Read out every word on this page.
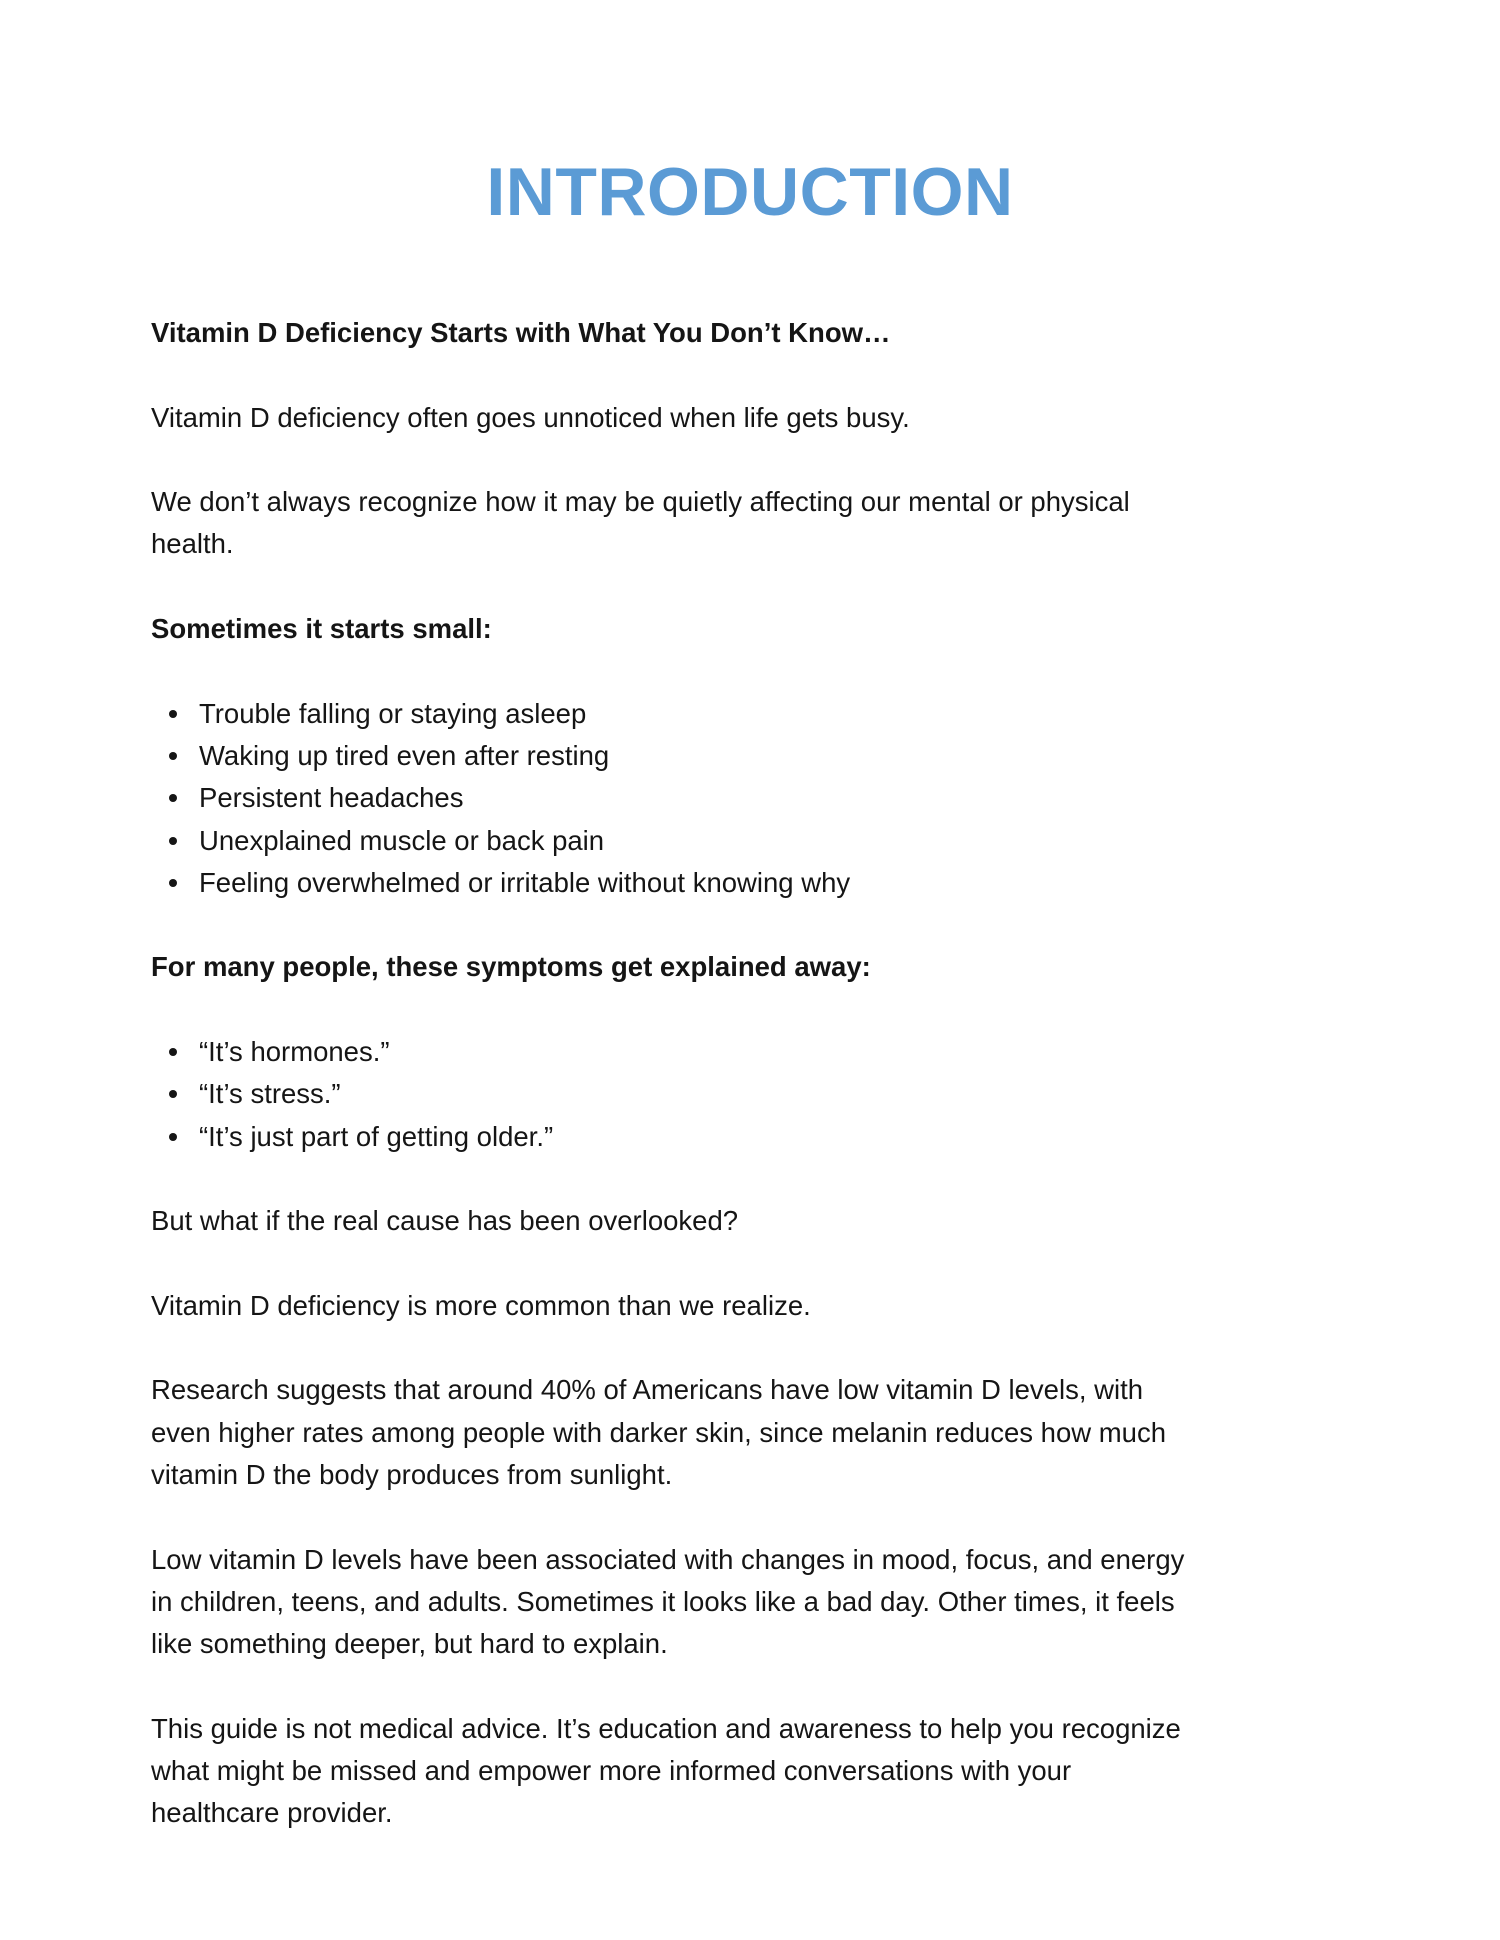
INTRODUCTION
Vitamin D Deficiency Starts with What You Don’t Know…
Vitamin D deficiency often goes unnoticed when life gets busy.
We don’t always recognize how it may be quietly affecting our mental or physical
health.
Sometimes it starts small:
Trouble falling or staying asleep
Waking up tired even after resting
Persistent headaches
Unexplained muscle or back pain
Feeling overwhelmed or irritable without knowing why
For many people, these symptoms get explained away:
“It’s hormones.”
“It’s stress.”
“It’s just part of getting older.”
But what if the real cause has been overlooked?
Vitamin D deficiency is more common than we realize.
Research suggests that around 40% of Americans have low vitamin D levels, with
even higher rates among people with darker skin, since melanin reduces how much
vitamin D the body produces from sunlight.
Low vitamin D levels have been associated with changes in mood, focus, and energy
in children, teens, and adults. Sometimes it looks like a bad day. Other times, it feels
like something deeper, but hard to explain.
This guide is not medical advice. It’s education and awareness to help you recognize
what might be missed and empower more informed conversations with your
healthcare provider.
